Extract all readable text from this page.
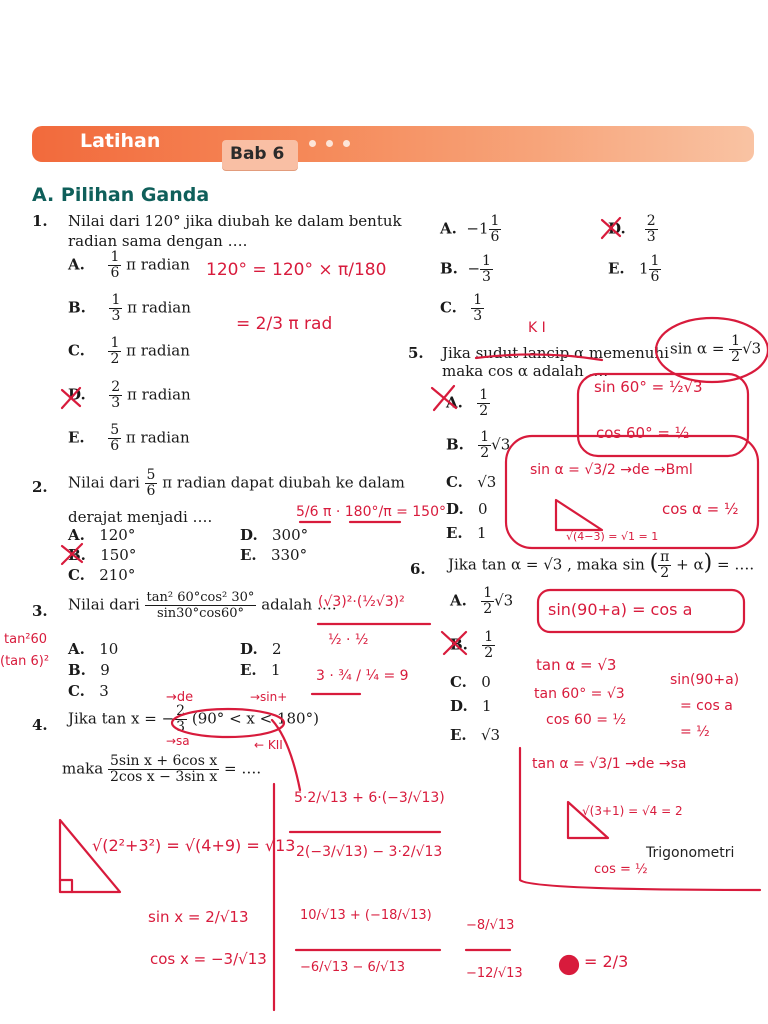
Latihan
Bab 6
A. Pilihan Ganda
1. Nilai dari 120° jika diubah ke dalam bentuk
radian sama dengan ….
A. $\frac{1}{6}$ π radian
B. $\frac{1}{3}$ π radian
C. $\frac{1}{2}$ π radian
D. $\frac{2}{3}$ π radian
E. $\frac{5}{6}$ π radian
2. Nilai dari $\frac{5}{6}$ π radian dapat diubah ke dalam
derajat menjadi ….
A. 120°
B. 150°
C. 210°
D. 300°
E. 330°
3. Nilai dari $\frac{\text{tan² 60°cos² 30°}}{\sin 30^\circ\cos 60^\circ}$ adalah ….
A. 10
B. 9
C. 3
D. 2
E. 1
4. Jika tan x = − $\frac{2}{3} (90^\circ < x < 180^\circ)$
maka $\frac{\text{5sin x + 6cos x}}{\text{2cos x − 3sin x}}$ = ….
A. $-1 \frac{1}{6}$
B. − $\frac{1}{3}$
C. $\frac{1}{3}$
D. $\frac{2}{3}$
E. $1 \frac{1}{6}$
5. Jika sudut lancip α memenuhi $\sin \alpha = \frac{1}{2} √3$
maka cos α adalah ….
A. $\frac{1}{2}$
B. $\frac{1}{2} √3$
C. √3
D. 0
E. 1
6. Jika tan α = √3 , maka sin ( $\frac{\pi}{2} + \alpha$) = ….
A. $\frac{1}{2} √3$
B. $\frac{1}{2}$
C. 0
D. 1
E. √3
Trigonometri
120° = 120° × π/180
= 2/3 π rad
5/6 π · 180°/π = 150°
(√3)²·(½√3)²
½ · ½
3 · ¾ / ¼ = 9
tan²60
(tan 6)²
→de
→sa
→sin+
← KII
K I
sin 60° = ½√3
cos 60° = ½
sin α = √3/2 →de →Bml
cos α = ½
√(4−3) = √1 = 1
sin(90+a) = cos a
sin(90+a)
= cos a
= ½
tan α = √3
tan 60° = √3
cos 60 = ½
tan α = √3/1 →de →sa
√(3+1) = √4 = 2
cos = ½
5·2/√13 + 6·(−3/√13)
2(−3/√13) − 3·2/√13
√(2²+3²) = √(4+9) = √13
sin x = 2/√13
cos x = −3/√13
10/√13 + (−18/√13)
−6/√13 − 6/√13
−8/√13
−12/√13
= 2/3
